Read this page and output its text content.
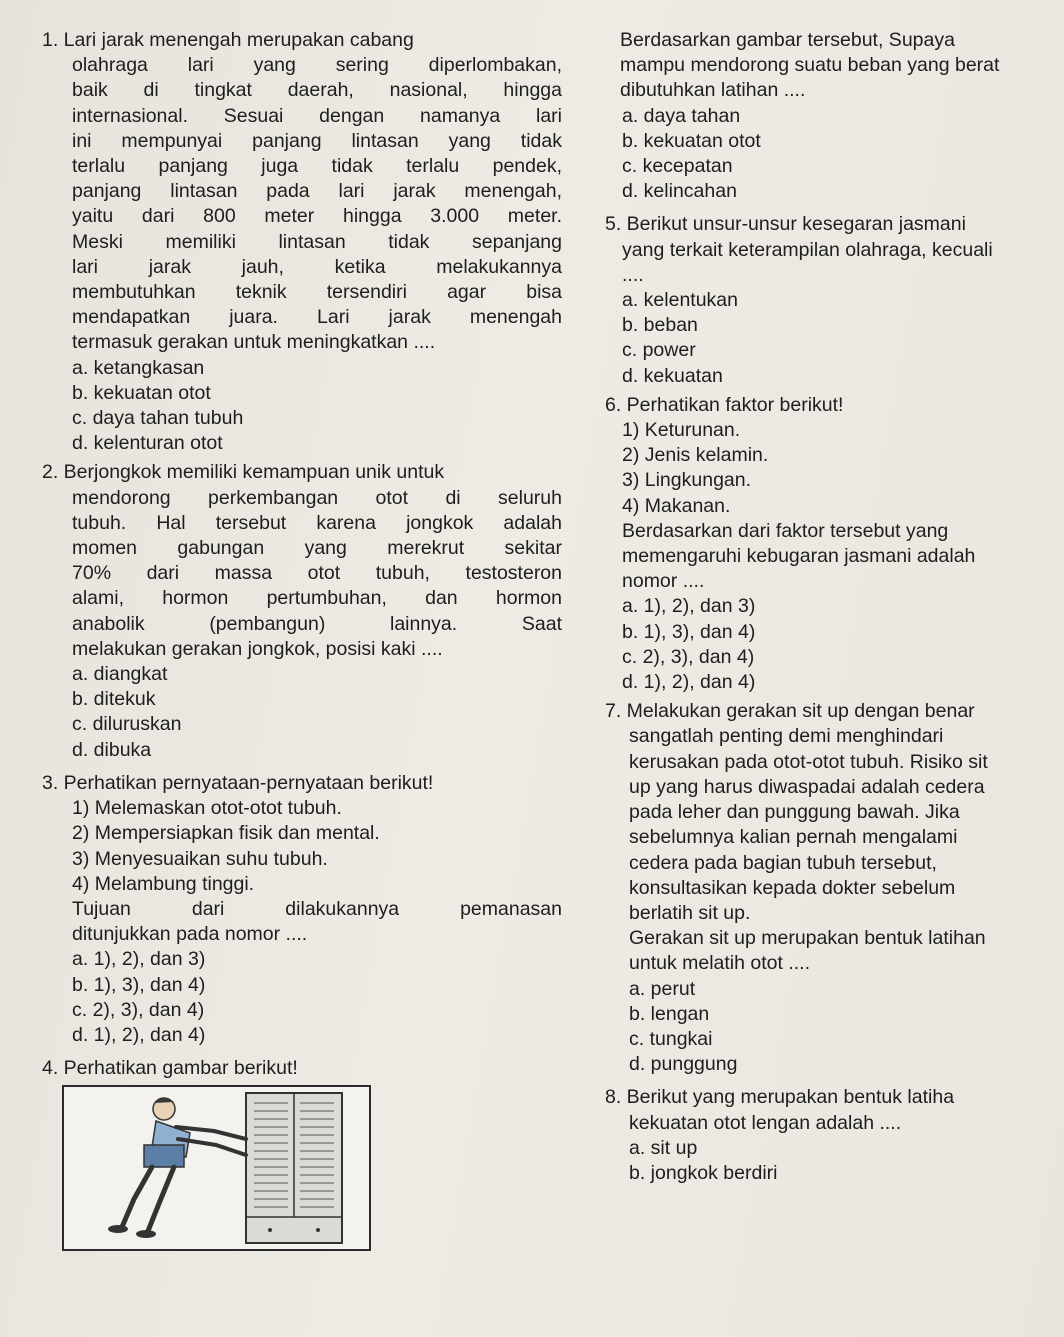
1. Lari jarak menengah merupakan cabang
olahraga lari yang sering diperlombakan,
baik di tingkat daerah, nasional, hingga
internasional. Sesuai dengan namanya lari
ini mempunyai panjang lintasan yang tidak
terlalu panjang juga tidak terlalu pendek,
panjang lintasan pada lari jarak menengah,
yaitu dari 800 meter hingga 3.000 meter.
Meski memiliki lintasan tidak sepanjang
lari jarak jauh, ketika melakukannya
membutuhkan teknik tersendiri agar bisa
mendapatkan juara. Lari jarak menengah
termasuk gerakan untuk meningkatkan ....
a. ketangkasan
b. kekuatan otot
c. daya tahan tubuh
d. kelenturan otot
2. Berjongkok memiliki kemampuan unik untuk
mendorong perkembangan otot di seluruh
tubuh. Hal tersebut karena jongkok adalah
momen gabungan yang merekrut sekitar
70% dari massa otot tubuh, testosteron
alami, hormon pertumbuhan, dan hormon
anabolik (pembangun) lainnya. Saat
melakukan gerakan jongkok, posisi kaki ....
a. diangkat
b. ditekuk
c. diluruskan
d. dibuka
3. Perhatikan pernyataan-pernyataan berikut!
1) Melemaskan otot-otot tubuh.
2) Mempersiapkan fisik dan mental.
3) Menyesuaikan suhu tubuh.
4) Melambung tinggi.
Tujuan dari dilakukannya pemanasan
ditunjukkan pada nomor ....
a. 1), 2), dan 3)
b. 1), 3), dan 4)
c. 2), 3), dan 4)
d. 1), 2), dan 4)
4. Perhatikan gambar berikut!
Berdasarkan gambar tersebut, Supaya
mampu mendorong suatu beban yang berat
dibutuhkan latihan ....
a. daya tahan
b. kekuatan otot
c. kecepatan
d. kelincahan
5. Berikut unsur-unsur kesegaran jasmani
yang terkait keterampilan olahraga, kecuali
....
a. kelentukan
b. beban
c. power
d. kekuatan
6. Perhatikan faktor berikut!
1) Keturunan.
2) Jenis kelamin.
3) Lingkungan.
4) Makanan.
Berdasarkan dari faktor tersebut yang
memengaruhi kebugaran jasmani adalah
nomor ....
a. 1), 2), dan 3)
b. 1), 3), dan 4)
c. 2), 3), dan 4)
d. 1), 2), dan 4)
7. Melakukan gerakan sit up dengan benar
sangatlah penting demi menghindari
kerusakan pada otot-otot tubuh. Risiko sit
up yang harus diwaspadai adalah cedera
pada leher dan punggung bawah. Jika
sebelumnya kalian pernah mengalami
cedera pada bagian tubuh tersebut,
konsultasikan kepada dokter sebelum
berlatih sit up.
Gerakan sit up merupakan bentuk latihan
untuk melatih otot ....
a. perut
b. lengan
c. tungkai
d. punggung
8. Berikut yang merupakan bentuk latiha
kekuatan otot lengan adalah ....
a. sit up
b. jongkok berdiri
